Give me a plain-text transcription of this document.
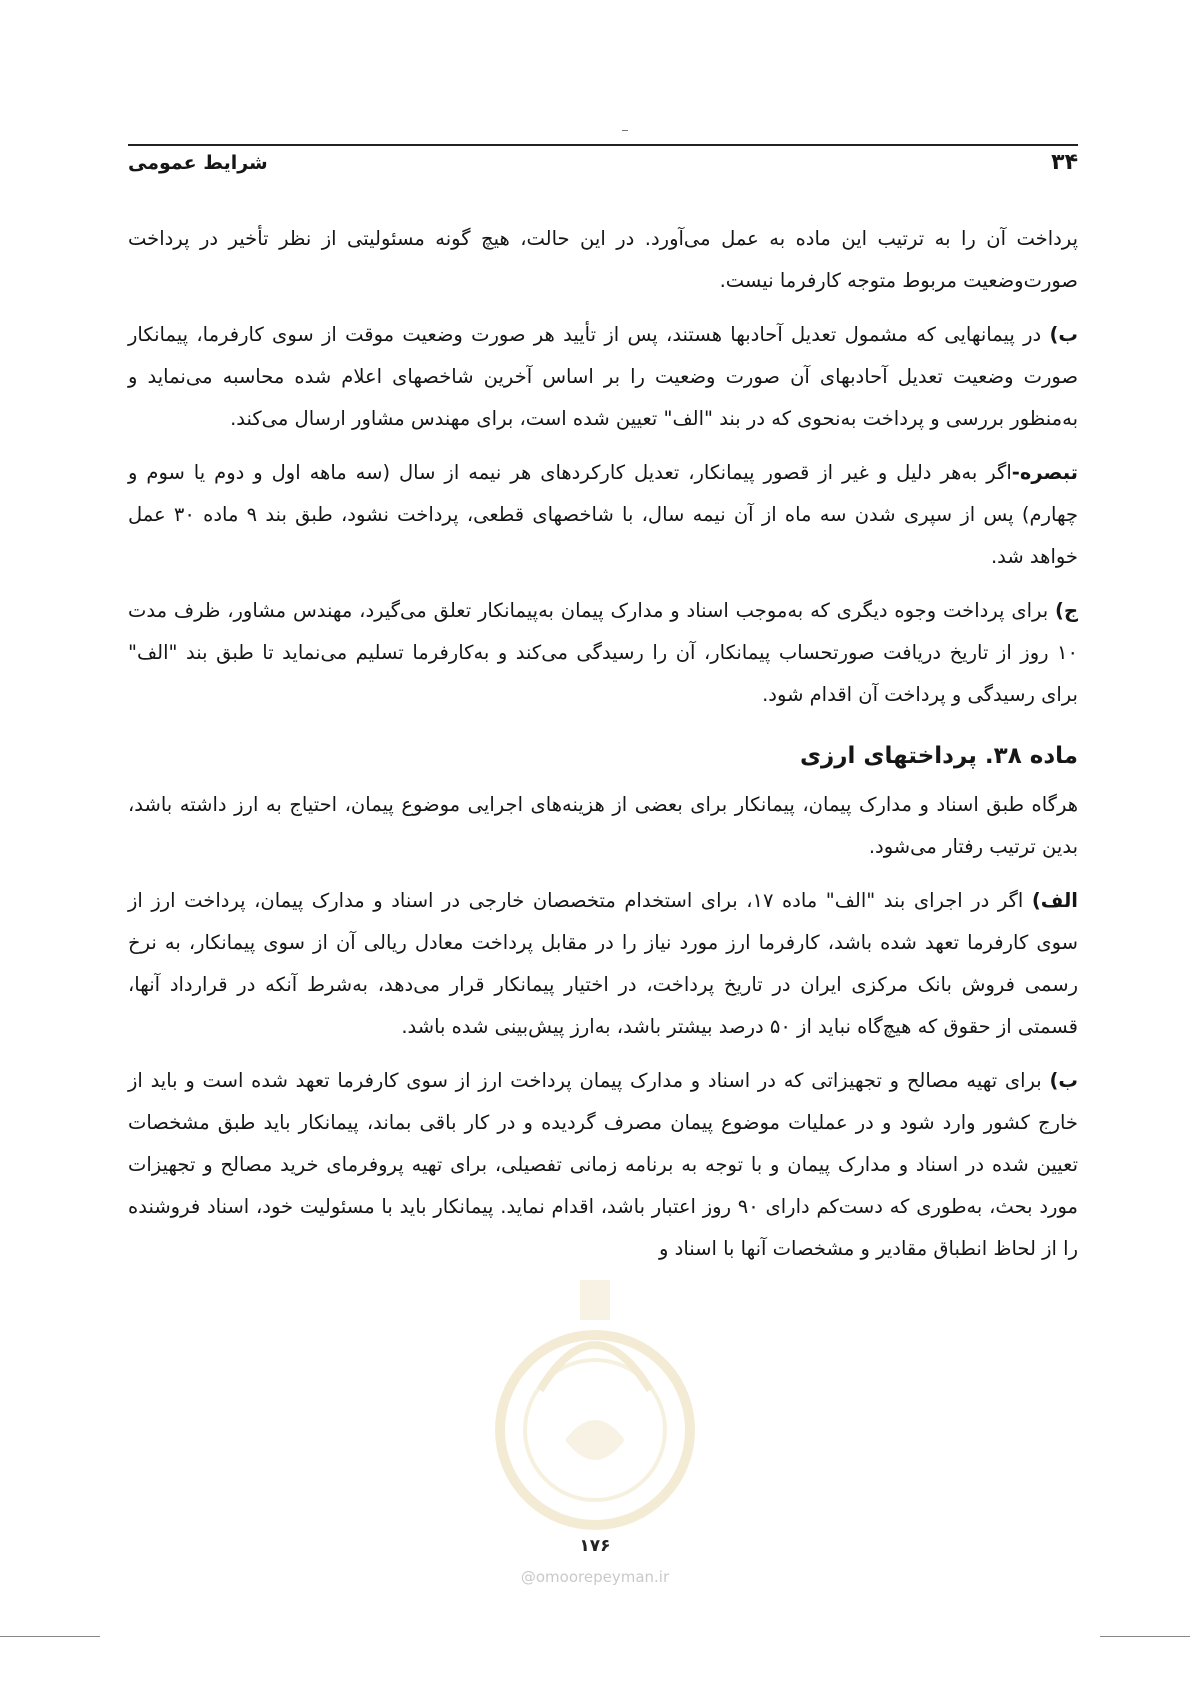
۳۴
شرایط عمومی

پرداخت آن را به ترتیب این ماده به عمل می‌آورد. در این حالت، هیچ گونه مسئولیتی از نظر تأخیر در پرداخت صورت‌وضعیت مربوط متوجه کارفرما نیست.

ب) در پیمانهایی که مشمول تعدیل آحادبها هستند، پس از تأیید هر صورت وضعیت موقت از سوی کارفرما، پیمانکار صورت وضعیت تعدیل آحادبهای آن صورت وضعیت را بر اساس آخرین شاخصهای اعلام شده محاسبه می‌نماید و به‌منظور بررسی و پرداخت به‌نحوی که در بند "الف" تعیین شده است، برای مهندس مشاور ارسال می‌کند.

تبصره-اگر به‌هر دلیل و غیر از قصور پیمانکار، تعدیل کارکردهای هر نیمه از سال (سه ماهه اول و دوم یا سوم و چهارم) پس از سپری شدن سه ماه از آن نیمه سال، با شاخصهای قطعی، پرداخت نشود، طبق بند ۹ ماده ۳۰ عمل خواهد شد.

ج) برای پرداخت وجوه دیگری که به‌موجب اسناد و مدارک پیمان به‌پیمانکار تعلق می‌گیرد، مهندس مشاور، ظرف مدت ۱۰ روز از تاریخ دریافت صورتحساب پیمانکار، آن را رسیدگی می‌کند و به‌کارفرما تسلیم می‌نماید تا طبق بند "الف" برای رسیدگی و پرداخت آن اقدام شود.

ماده ۳۸. پرداختهای ارزی

هرگاه طبق اسناد و مدارک پیمان، پیمانکار برای بعضی از هزینه‌های اجرایی موضوع پیمان، احتیاج به ارز داشته باشد، بدین ترتیب رفتار می‌شود.

الف) اگر در اجرای بند "الف" ماده ۱۷، برای استخدام متخصصان خارجی در اسناد و مدارک پیمان، پرداخت ارز از سوی کارفرما تعهد شده باشد، کارفرما ارز مورد نیاز را در مقابل پرداخت معادل ریالی آن از سوی پیمانکار، به نرخ رسمی فروش بانک مرکزی ایران در تاریخ پرداخت، در اختیار پیمانکار قرار می‌دهد، به‌شرط آنکه در قرارداد آنها، قسمتی از حقوق که هیچ‌گاه نباید از ۵۰ درصد بیشتر باشد، به‌ارز پیش‌بینی شده باشد.

ب) برای تهیه مصالح و تجهیزاتی که در اسناد و مدارک پیمان پرداخت ارز از سوی کارفرما تعهد شده است و باید از خارج کشور وارد شود و در عملیات موضوع پیمان مصرف گردیده و در کار باقی بماند، پیمانکار باید طبق مشخصات تعیین شده در اسناد و مدارک پیمان و با توجه به برنامه زمانی تفصیلی، برای تهیه پروفرمای خرید مصالح و تجهیزات مورد بحث، به‌طوری که دست‌کم دارای ۹۰ روز اعتبار باشد، اقدام نماید. پیمانکار باید با مسئولیت خود، اسناد فروشنده را از لحاظ انطباق مقادیر و مشخصات آنها با اسناد و

۱۷۶
@omoorepeyman.ir
